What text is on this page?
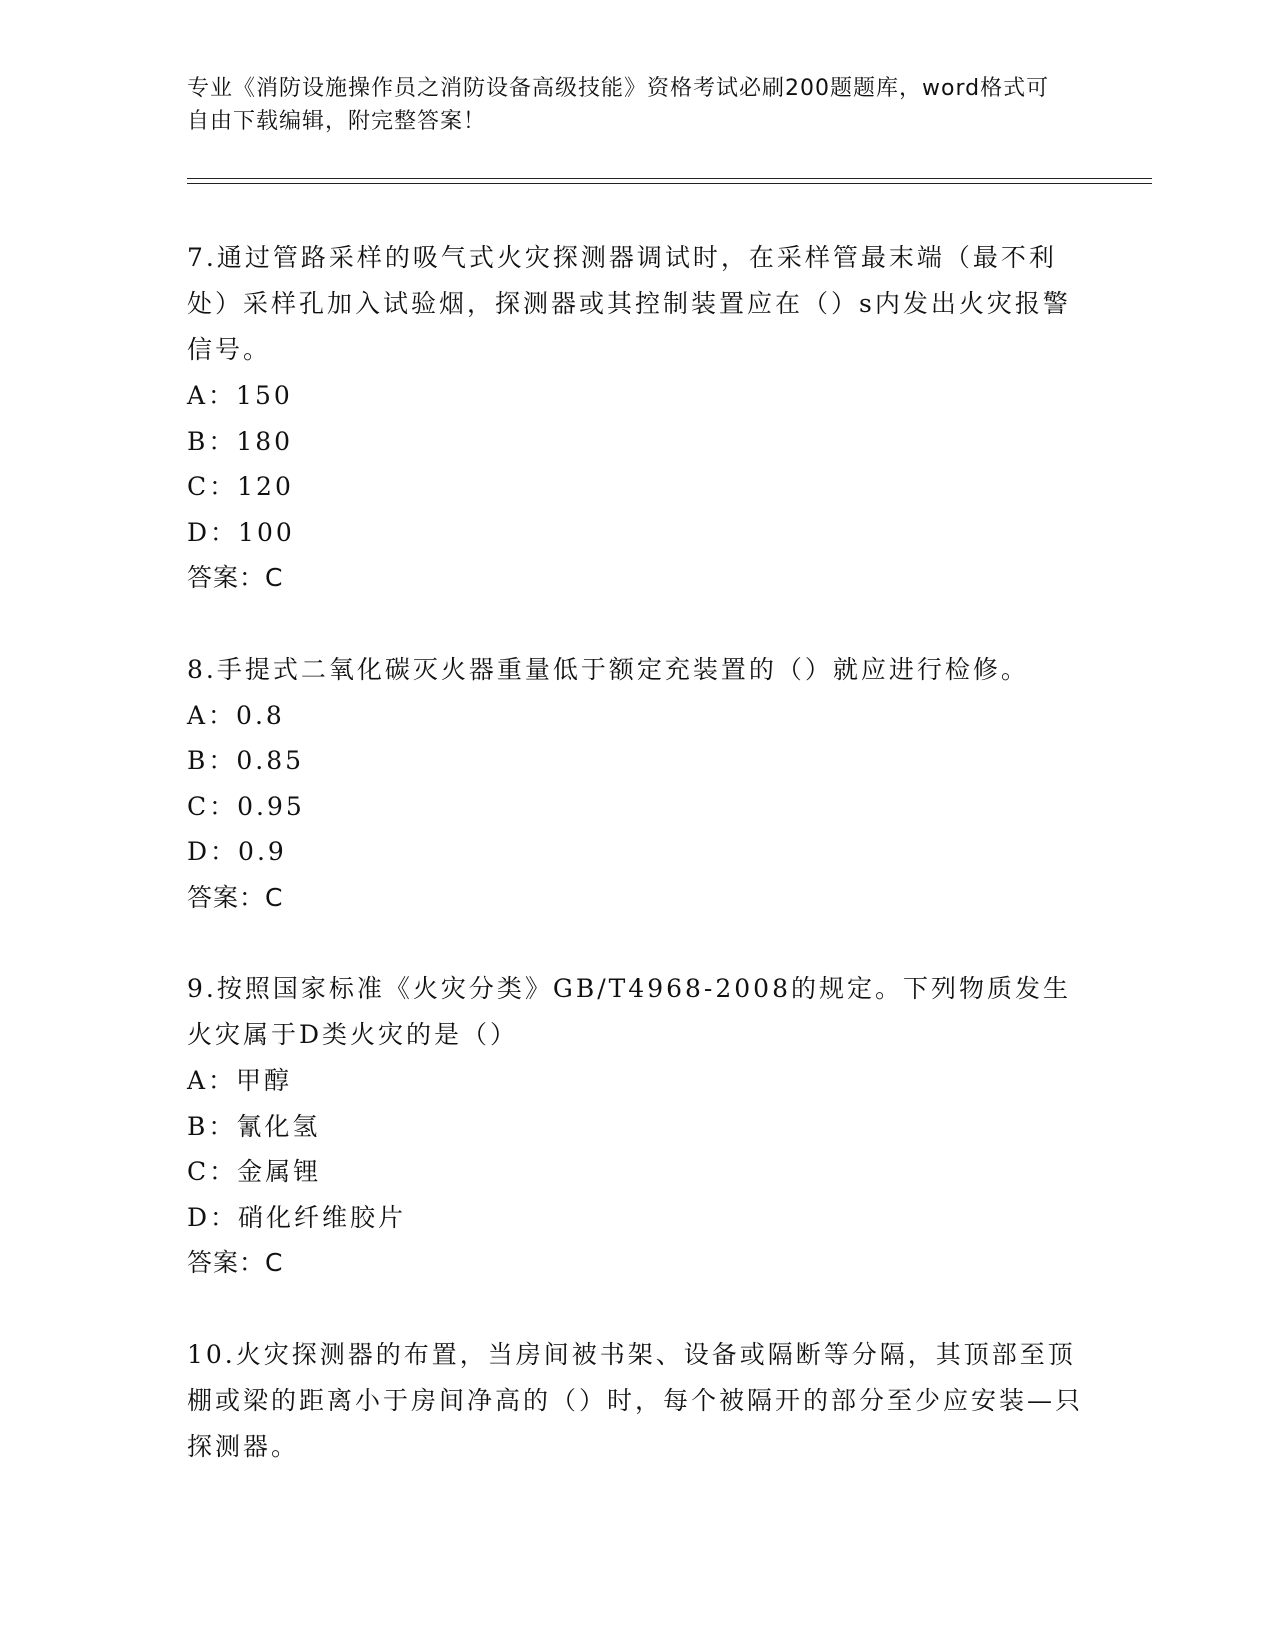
专业《消防设施操作员之消防设备高级技能》资格考试必刷200题题库，word格式可自由下载编辑，附完整答案！

7.通过管路采样的吸气式火灾探测器调试时，在采样管最末端（最不利处）采样孔加入试验烟，探测器或其控制装置应在（）s内发出火灾报警信号。

A：150

B：180

C：120

D：100

答案：C

8.手提式二氧化碳灭火器重量低于额定充装置的（）就应进行检修。

A：0.8

B：0.85

C：0.95

D：0.9

答案：C

9.按照国家标准《火灾分类》GB/T4968-2008的规定。下列物质发生火灾属于D类火灾的是（）

A：甲醇

B：氰化氢

C：金属锂

D：硝化纤维胶片

答案：C

10.火灾探测器的布置，当房间被书架、设备或隔断等分隔，其顶部至顶棚或梁的距离小于房间净高的（）时，每个被隔开的部分至少应安装—只探测器。
